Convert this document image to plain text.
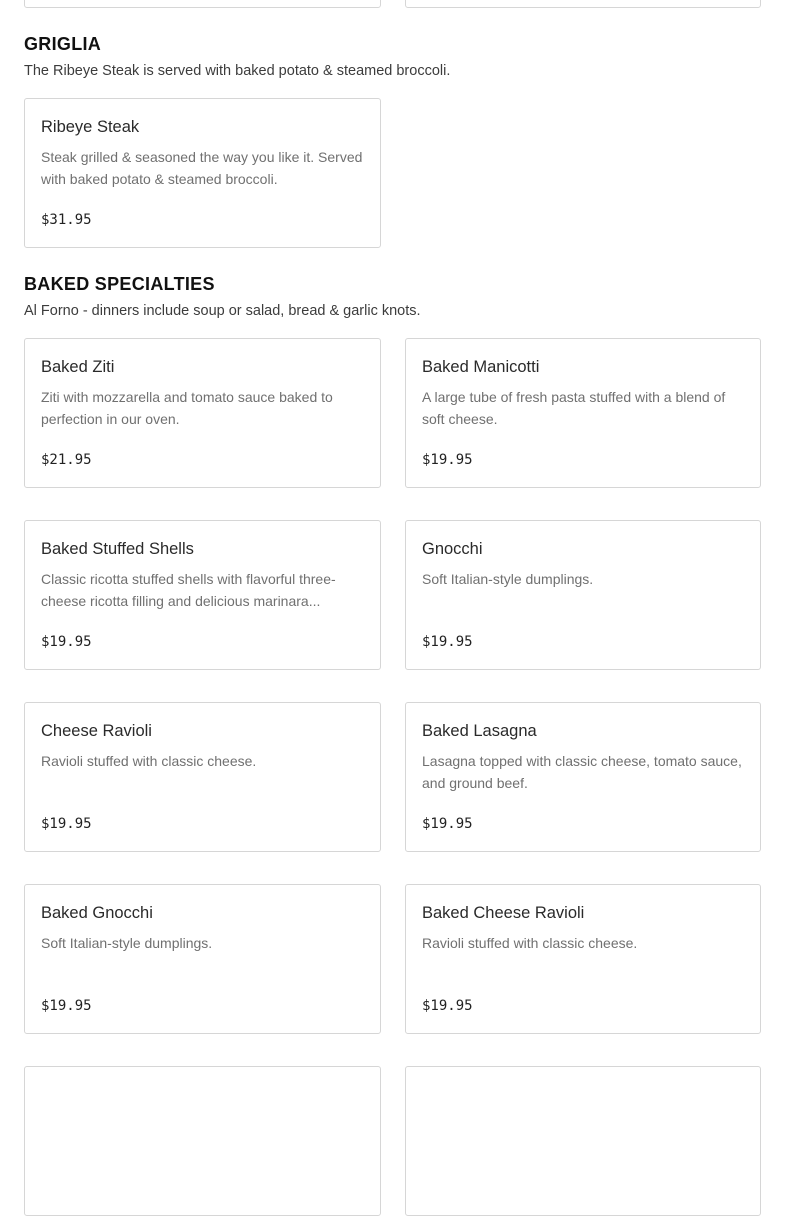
GRIGLIA

The Ribeye Steak is served with baked potato & steamed broccoli.

Ribeye Steak
Steak grilled & seasoned the way you like it. Served with baked potato & steamed broccoli.
$31.95
BAKED SPECIALTIES

Al Forno - dinners include soup or salad, bread & garlic knots.

Baked Ziti
Ziti with mozzarella and tomato sauce baked to perfection in our oven.
$21.95
Baked Manicotti
A large tube of fresh pasta stuffed with a blend of soft cheese.
$19.95
Baked Stuffed Shells
Classic ricotta stuffed shells with flavorful three-cheese ricotta filling and delicious marinara...
$19.95
Gnocchi
Soft Italian-style dumplings.
$19.95
Cheese Ravioli
Ravioli stuffed with classic cheese.
$19.95
Baked Lasagna
Lasagna topped with classic cheese, tomato sauce, and ground beef.
$19.95
Baked Gnocchi
Soft Italian-style dumplings.
$19.95
Baked Cheese Ravioli
Ravioli stuffed with classic cheese.
$19.95
